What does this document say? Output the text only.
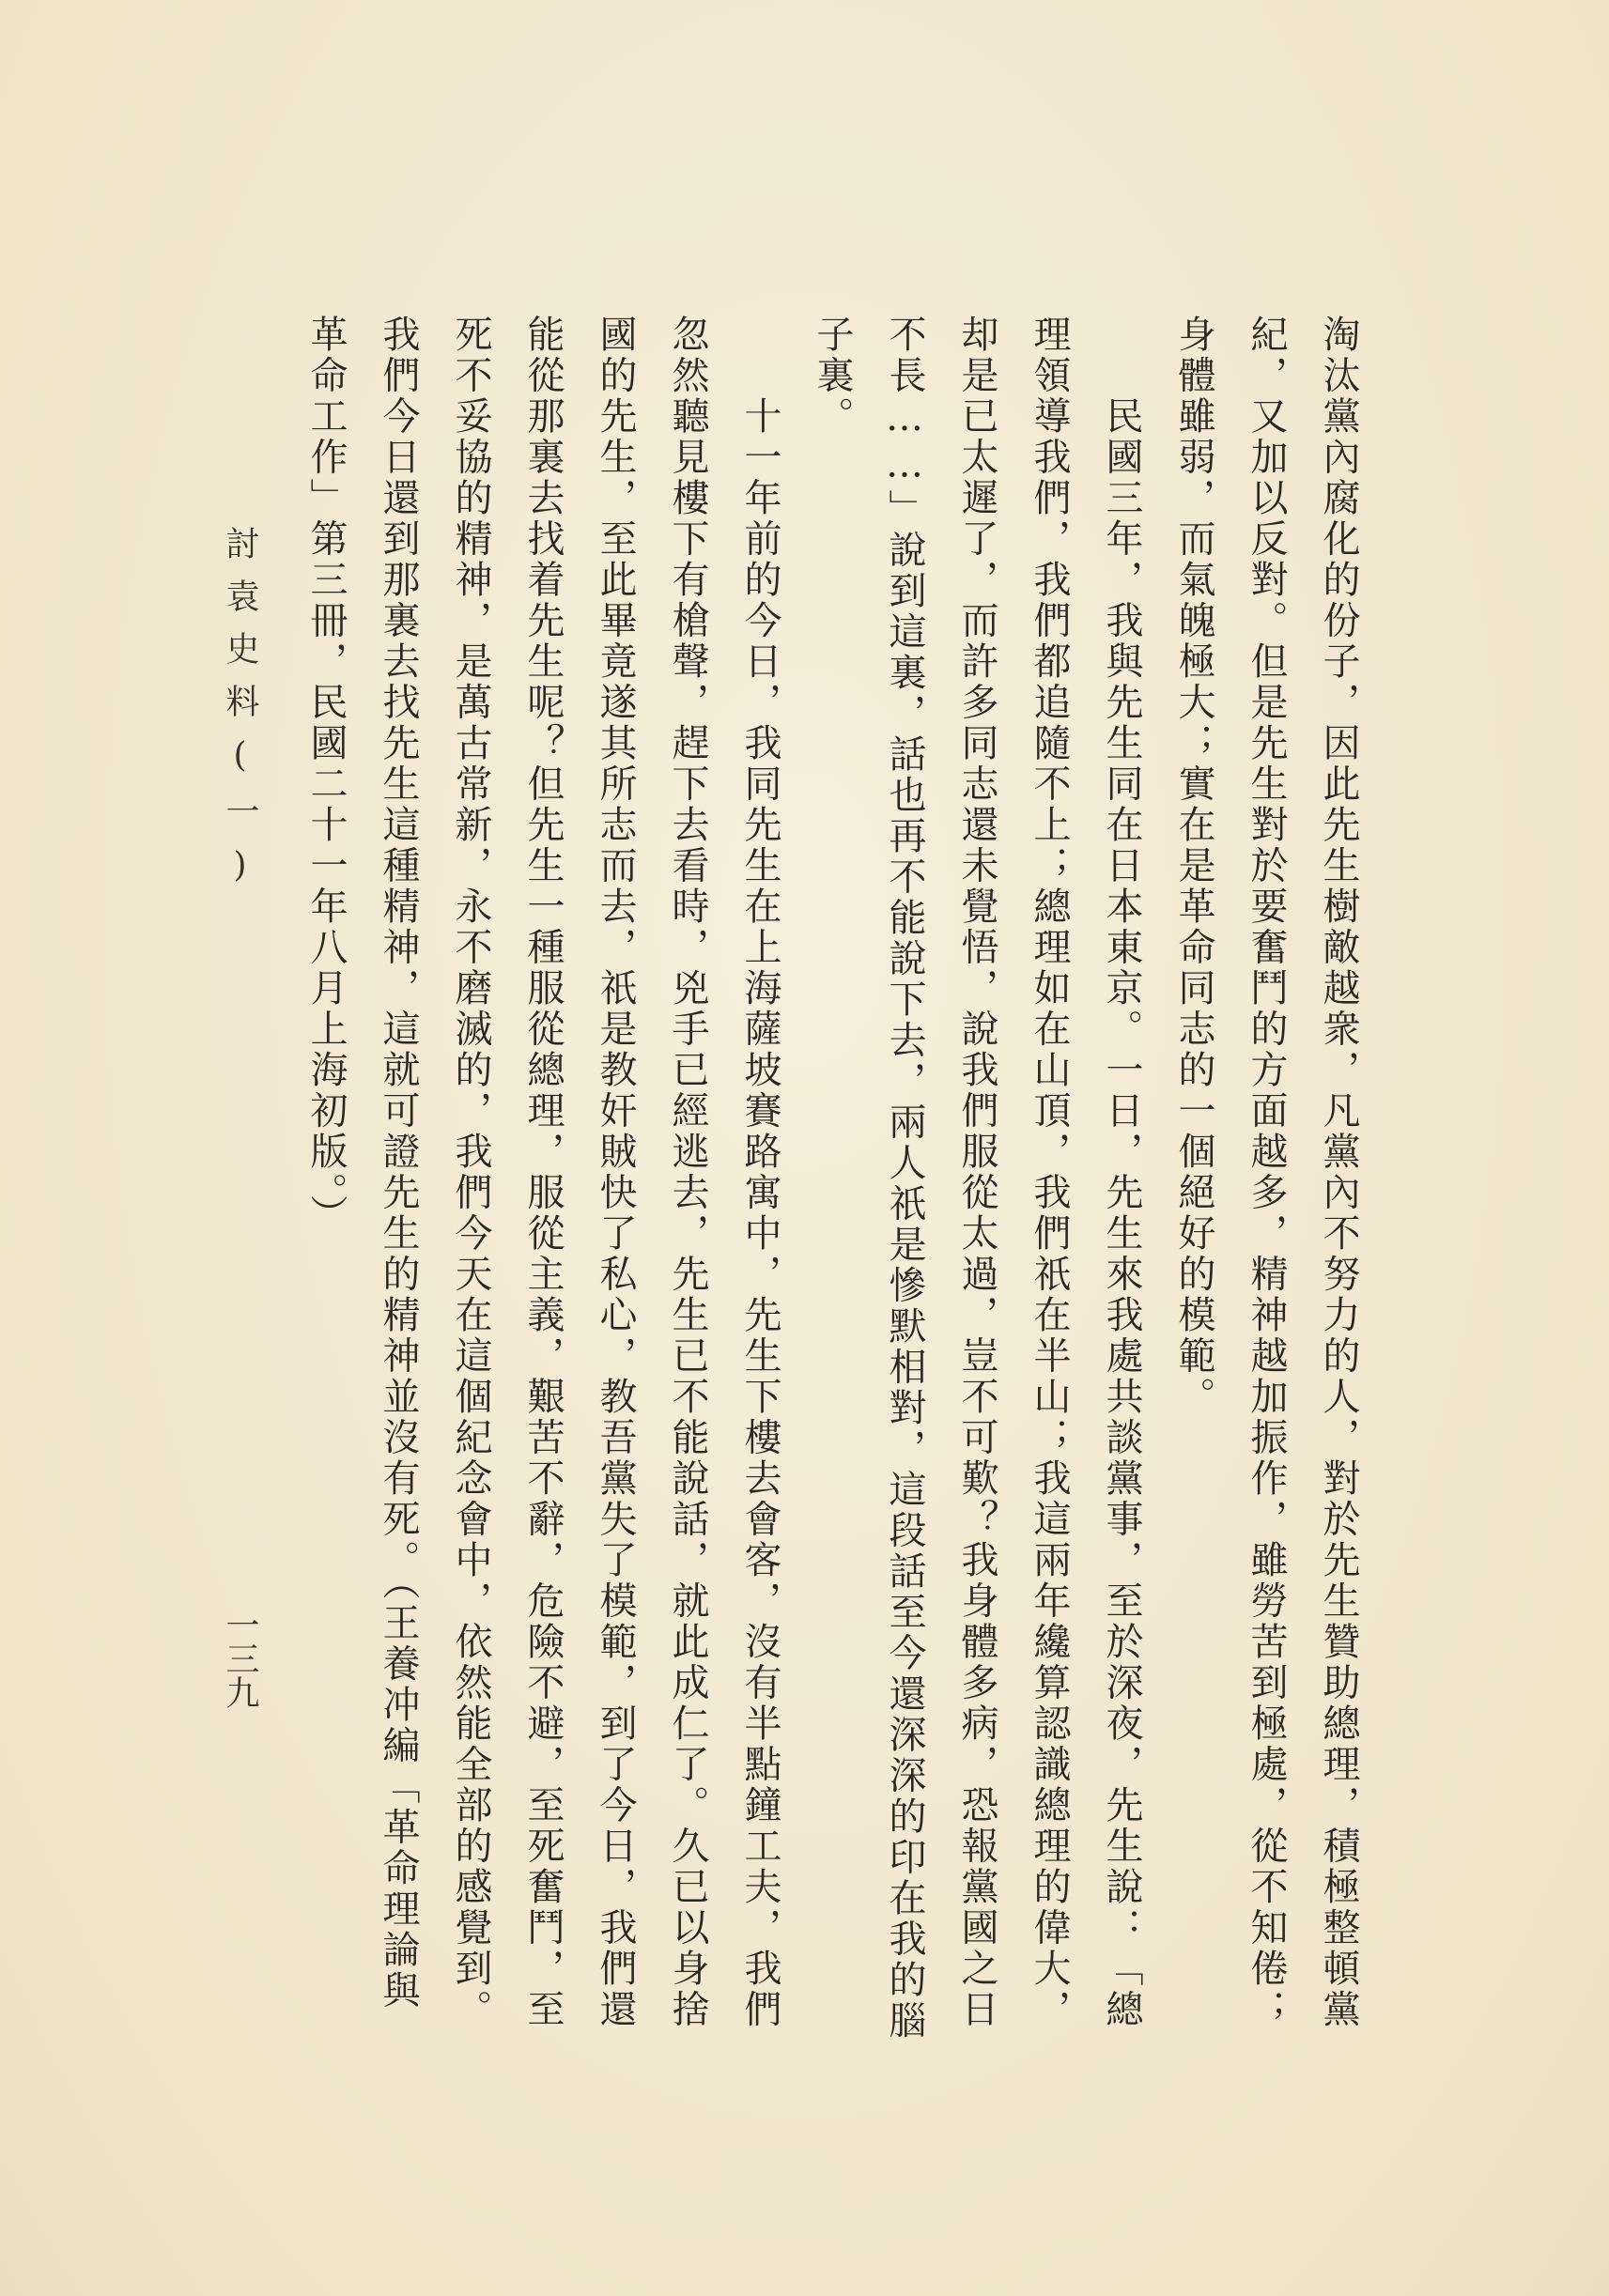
淘汰黨內腐化的份子，因此先生樹敵越衆，凡黨內不努力的人，對於先生贊助總理，積極整頓黨
紀，又加以反對。但是先生對於要奮鬥的方面越多，精神越加振作，雖勞苦到極處，從不知倦；
身體雖弱，而氣魄極大；實在是革命同志的一個絕好的模範。
民國三年，我與先生同在日本東京。一日，先生來我處共談黨事，至於深夜，先生說：「總
理領導我們，我們都追隨不上；總理如在山頂，我們祇在半山；我這兩年纔算認識總理的偉大，
却是已太遲了，而許多同志還未覺悟，說我們服從太過，豈不可歎？我身體多病，恐報黨國之日
不長……」說到這裏，話也再不能說下去，兩人祇是慘默相對，這段話至今還深深的印在我的腦
子裏。
十一年前的今日，我同先生在上海薩坡賽路寓中，先生下樓去會客，沒有半點鐘工夫，我們
忽然聽見樓下有槍聲，趕下去看時，兇手已經逃去，先生已不能說話，就此成仁了。久已以身捨
國的先生，至此畢竟遂其所志而去，祇是教奸賊快了私心，教吾黨失了模範，到了今日，我們還
能從那裏去找着先生呢？但先生一種服從總理，服從主義，艱苦不辭，危險不避，至死奮鬥，至
死不妥協的精神，是萬古常新，永不磨滅的，我們今天在這個紀念會中，依然能全部的感覺到。
我們今日還到那裏去找先生這種精神，這就可證先生的精神並沒有死。（王養冲編「革命理論與
革命工作」第三冊，民國二十一年八月上海初版。）
討袁史料(一)
一三九
